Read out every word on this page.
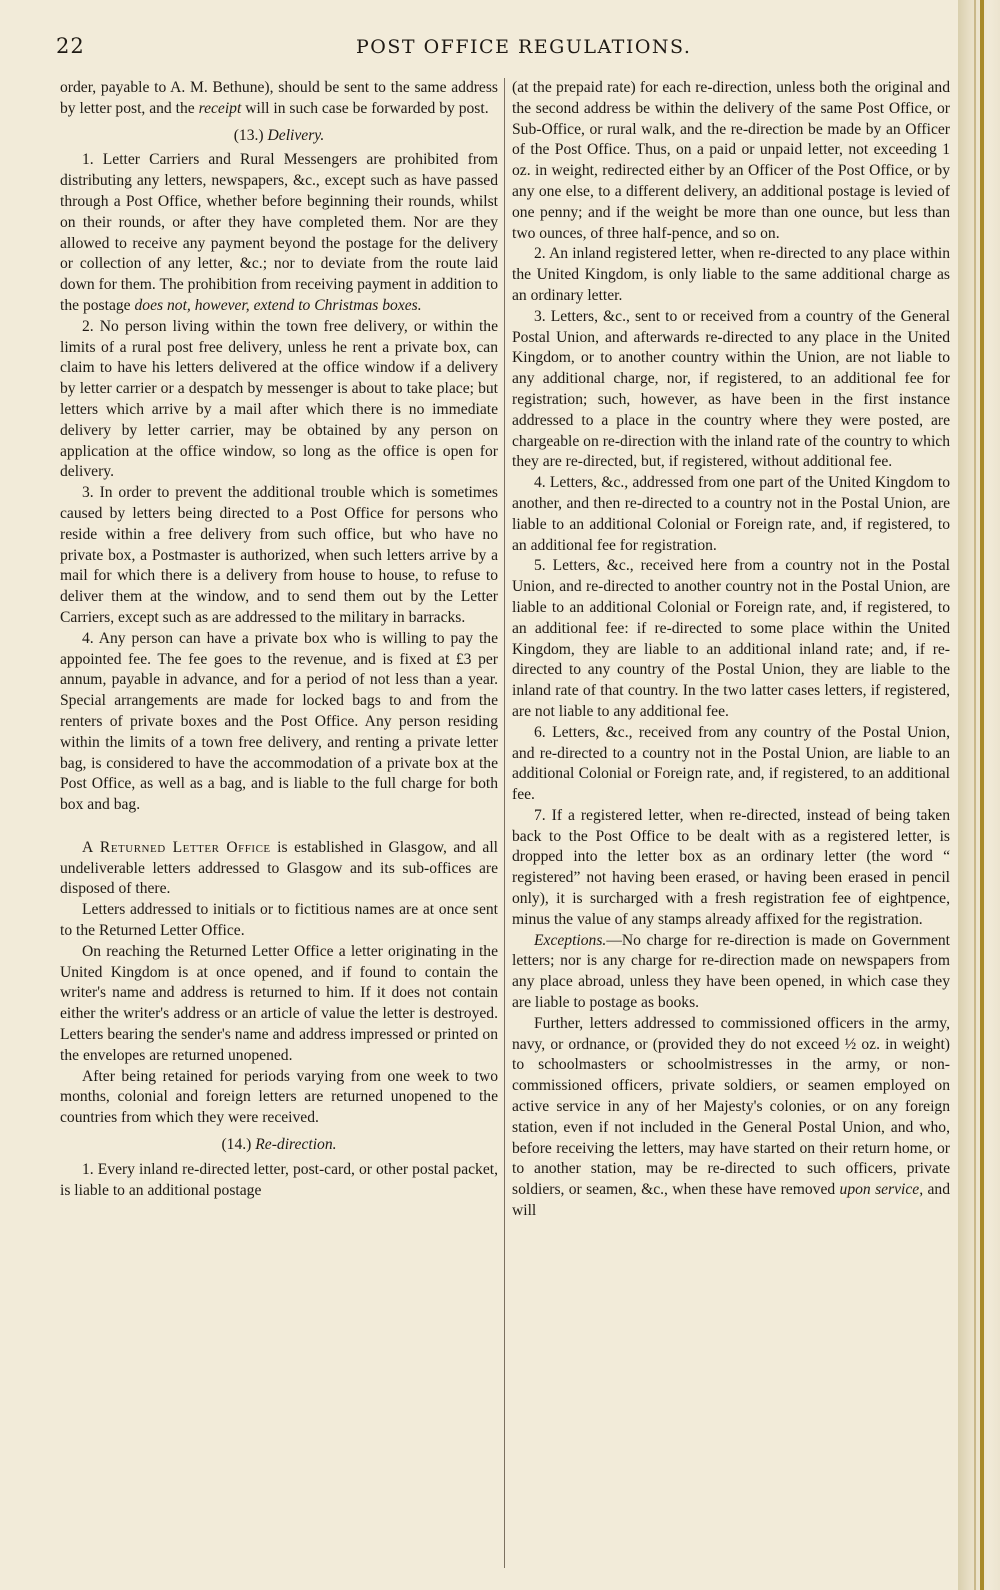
22	POST OFFICE REGULATIONS.

order, payable to A. M. Bethune), should be sent to the same address by letter post, and the receipt will in such case be forwarded by post.

(13.) Delivery.

1. Letter Carriers and Rural Messengers are prohibited from distributing any letters, newspapers, &c., except such as have passed through a Post Office, whether before beginning their rounds, whilst on their rounds, or after they have completed them. Nor are they allowed to receive any payment beyond the postage for the delivery or collection of any letter, &c.; nor to deviate from the route laid down for them. The prohibition from receiving payment in addition to the postage does not, however, extend to Christmas boxes.

2. No person living within the town free delivery, or within the limits of a rural post free delivery, unless he rent a private box, can claim to have his letters delivered at the office window if a delivery by letter carrier or a despatch by messenger is about to take place; but letters which arrive by a mail after which there is no immediate delivery by letter carrier, may be obtained by any person on application at the office window, so long as the office is open for delivery.

3. In order to prevent the additional trouble which is sometimes caused by letters being directed to a Post Office for persons who reside within a free delivery from such office, but who have no private box, a Postmaster is authorized, when such letters arrive by a mail for which there is a delivery from house to house, to refuse to deliver them at the window, and to send them out by the Letter Carriers, except such as are addressed to the military in barracks.

4. Any person can have a private box who is willing to pay the appointed fee. The fee goes to the revenue, and is fixed at £3 per annum, payable in advance, and for a period of not less than a year. Special arrangements are made for locked bags to and from the renters of private boxes and the Post Office. Any person residing within the limits of a town free delivery, and renting a private letter bag, is considered to have the accommodation of a private box at the Post Office, as well as a bag, and is liable to the full charge for both box and bag.

A Returned Letter Office is established in Glasgow, and all undeliverable letters addressed to Glasgow and its sub-offices are disposed of there.

Letters addressed to initials or to fictitious names are at once sent to the Returned Letter Office.

On reaching the Returned Letter Office a letter originating in the United Kingdom is at once opened, and if found to contain the writer's name and address is returned to him. If it does not contain either the writer's address or an article of value the letter is destroyed. Letters bearing the sender's name and address impressed or printed on the envelopes are returned unopened.

After being retained for periods varying from one week to two months, colonial and foreign letters are returned unopened to the countries from which they were received.

(14.) Re-direction.

1. Every inland re-directed letter, post-card, or other postal packet, is liable to an additional postage

(at the prepaid rate) for each re-direction, unless both the original and the second address be within the delivery of the same Post Office, or Sub-Office, or rural walk, and the re-direction be made by an Officer of the Post Office. Thus, on a paid or unpaid letter, not exceeding 1 oz. in weight, redirected either by an Officer of the Post Office, or by any one else, to a different delivery, an additional postage is levied of one penny; and if the weight be more than one ounce, but less than two ounces, of three half-pence, and so on.

2. An inland registered letter, when re-directed to any place within the United Kingdom, is only liable to the same additional charge as an ordinary letter.

3. Letters, &c., sent to or received from a country of the General Postal Union, and afterwards re-directed to any place in the United Kingdom, or to another country within the Union, are not liable to any additional charge, nor, if registered, to an additional fee for registration; such, however, as have been in the first instance addressed to a place in the country where they were posted, are chargeable on re-direction with the inland rate of the country to which they are re-directed, but, if registered, without additional fee.

4. Letters, &c., addressed from one part of the United Kingdom to another, and then re-directed to a country not in the Postal Union, are liable to an additional Colonial or Foreign rate, and, if registered, to an additional fee for registration.

5. Letters, &c., received here from a country not in the Postal Union, and re-directed to another country not in the Postal Union, are liable to an additional Colonial or Foreign rate, and, if registered, to an additional fee: if re-directed to some place within the United Kingdom, they are liable to an additional inland rate; and, if re-directed to any country of the Postal Union, they are liable to the inland rate of that country. In the two latter cases letters, if registered, are not liable to any additional fee.

6. Letters, &c., received from any country of the Postal Union, and re-directed to a country not in the Postal Union, are liable to an additional Colonial or Foreign rate, and, if registered, to an additional fee.

7. If a registered letter, when re-directed, instead of being taken back to the Post Office to be dealt with as a registered letter, is dropped into the letter box as an ordinary letter (the word “ registered” not having been erased, or having been erased in pencil only), it is surcharged with a fresh registration fee of eightpence, minus the value of any stamps already affixed for the registration.

Exceptions.—No charge for re-direction is made on Government letters; nor is any charge for re-direction made on newspapers from any place abroad, unless they have been opened, in which case they are liable to postage as books.

Further, letters addressed to commissioned officers in the army, navy, or ordnance, or (provided they do not exceed ½ oz. in weight) to schoolmasters or schoolmistresses in the army, or non-commissioned officers, private soldiers, or seamen employed on active service in any of her Majesty's colonies, or on any foreign station, even if not included in the General Postal Union, and who, before receiving the letters, may have started on their return home, or to another station, may be re-directed to such officers, private soldiers, or seamen, &c., when these have removed upon service, and will
